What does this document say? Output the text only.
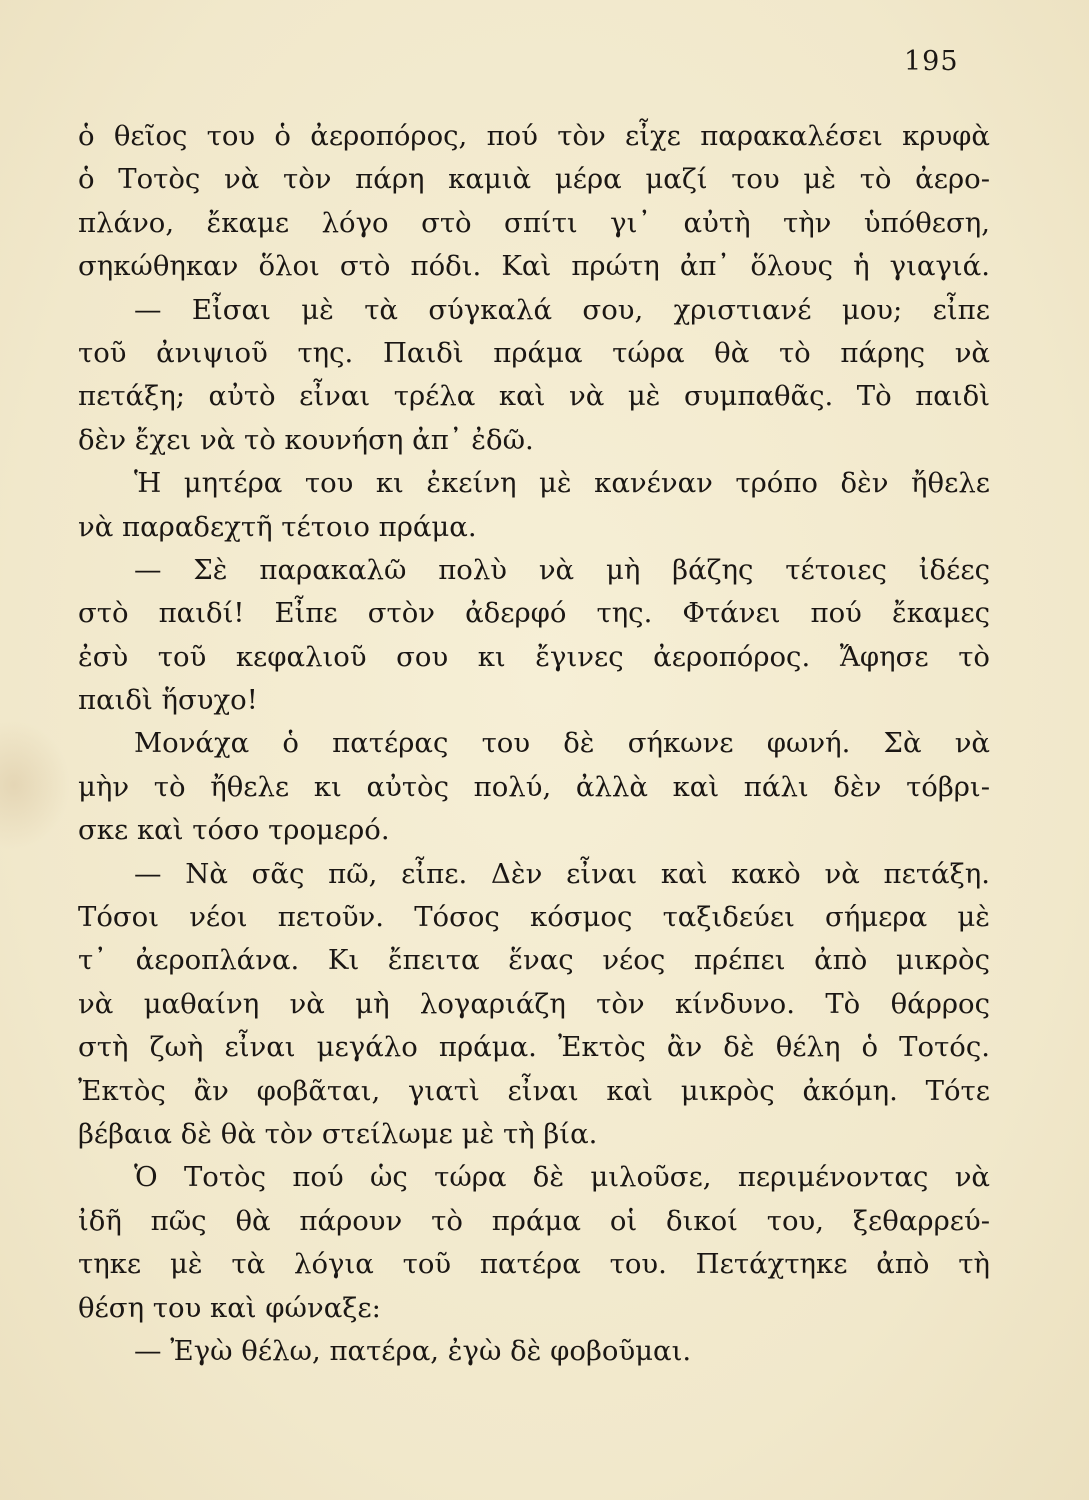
195
ὁ θεῖος του ὁ ἀεροπόρος, πού τὸν εἶχε παρακαλέσει κρυφὰ
ὁ Τοτὸς νὰ τὸν πάρη καμιὰ μέρα μαζί του μὲ τὸ ἀερο-
πλάνο, ἔκαμε λόγο στὸ σπίτι γι᾿ αὐτὴ τὴν ὑπόθεση,
σηκώθηκαν ὅλοι στὸ πόδι. Καὶ πρώτη ἀπ᾿ ὅλους ἡ γιαγιά.
— Εἶσαι μὲ τὰ σύγκαλά σου, χριστιανέ μου; εἶπε
τοῦ ἀνιψιοῦ της. Παιδὶ πράμα τώρα θὰ τὸ πάρης νὰ
πετάξη; αὐτὸ εἶναι τρέλα καὶ νὰ μὲ συμπαθᾶς. Τὸ παιδὶ
δὲν ἔχει νὰ τὸ κουνήση ἀπ᾿ ἐδῶ.
Ἡ μητέρα του κι ἐκείνη μὲ κανέναν τρόπο δὲν ἤθελε
νὰ παραδεχτῆ τέτοιο πράμα.
— Σὲ παρακαλῶ πολὺ νὰ μὴ βάζης τέτοιες ἰδέες
στὸ παιδί! Εἶπε στὸν ἀδερφό της. Φτάνει πού ἔκαμες
ἐσὺ τοῦ κεφαλιοῦ σου κι ἔγινες ἀεροπόρος. Ἄφησε τὸ
παιδὶ ἥσυχο!
Μονάχα ὁ πατέρας του δὲ σήκωνε φωνή. Σὰ νὰ
μὴν τὸ ἤθελε κι αὐτὸς πολύ, ἀλλὰ καὶ πάλι δὲν τόβρι-
σκε καὶ τόσο τρομερό.
— Νὰ σᾶς πῶ, εἶπε. Δὲν εἶναι καὶ κακὸ νὰ πετάξη.
Τόσοι νέοι πετοῦν. Τόσος κόσμος ταξιδεύει σήμερα μὲ
τ᾿ ἀεροπλάνα. Κι ἔπειτα ἕνας νέος πρέπει ἀπὸ μικρὸς
νὰ μαθαίνη νὰ μὴ λογαριάζη τὸν κίνδυνο. Τὸ θάρρος
στὴ ζωὴ εἶναι μεγάλο πράμα. Ἐκτὸς ἂν δὲ θέλη ὁ Τοτός.
Ἐκτὸς ἂν φοβᾶται, γιατὶ εἶναι καὶ μικρὸς ἀκόμη. Τότε
βέβαια δὲ θὰ τὸν στείλωμε μὲ τὴ βία.
Ὁ Τοτὸς πού ὡς τώρα δὲ μιλοῦσε, περιμένοντας νὰ
ἰδῆ πῶς θὰ πάρουν τὸ πράμα οἱ δικοί του, ξεθαρρεύ-
τηκε μὲ τὰ λόγια τοῦ πατέρα του. Πετάχτηκε ἀπὸ τὴ
θέση του καὶ φώναξε:
— Ἐγὼ θέλω, πατέρα, ἐγὼ δὲ φοβοῦμαι.
